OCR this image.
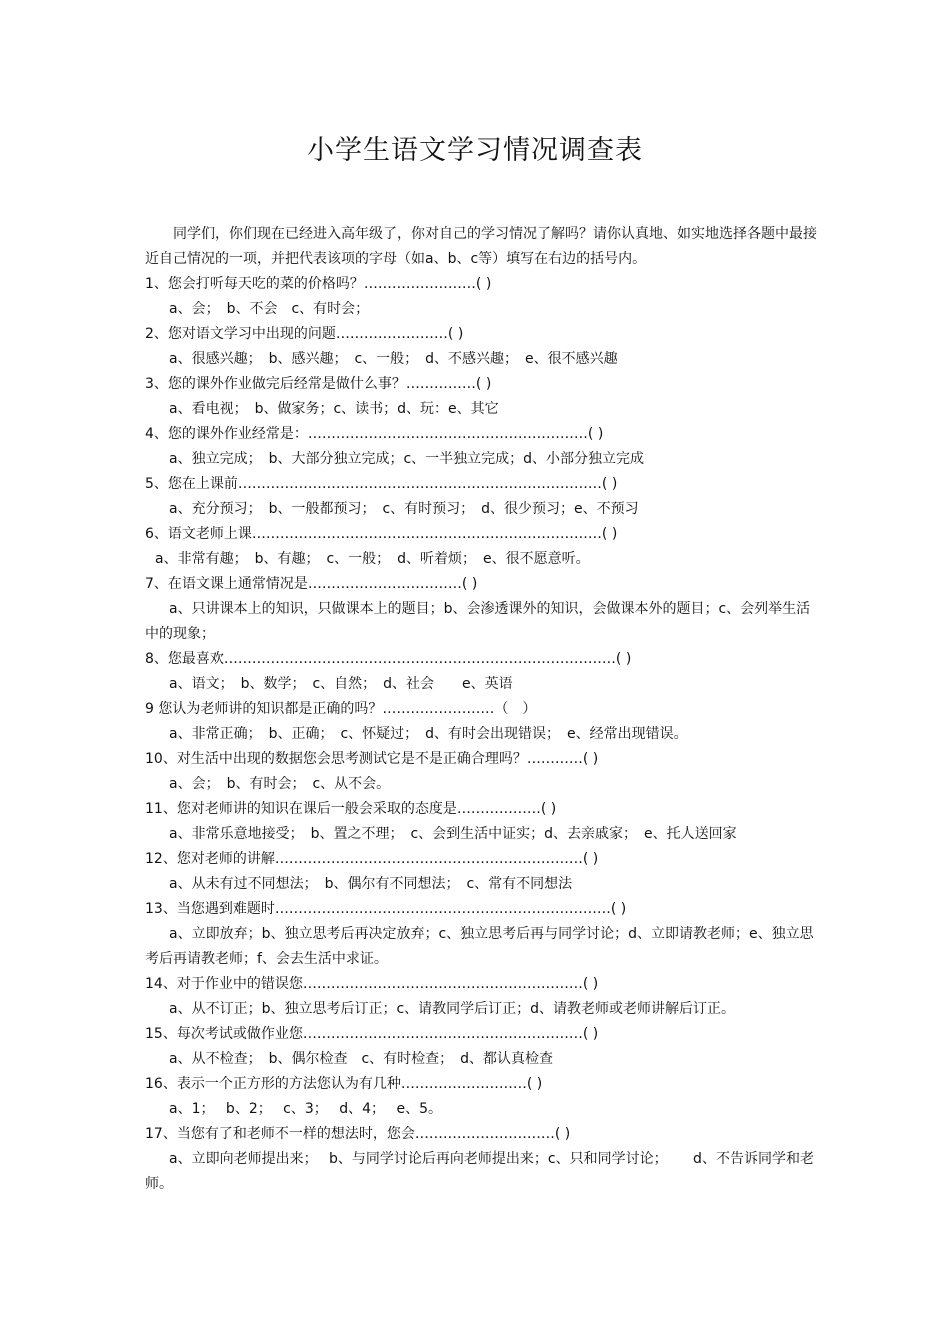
小学生语文学习情况调查表

同学们，你们现在已经进入高年级了，你对自己的学习情况了解吗？请你认真地、如实地选择各题中最接近自己情况的一项，并把代表该项的字母（如a、b、c等）填写在右边的括号内。

1、您会打听每天吃的菜的价格吗？……………………( )

a、会；　b、不会　c、有时会；

2、您对语文学习中出现的问题……………………( )

a、很感兴趣；　b、感兴趣；　c、一般；　d、不感兴趣；　e、很不感兴趣

3、您的课外作业做完后经常是做什么事？……………( )

a、看电视；　b、做家务；c、读书；d、玩：e、其它

4、您的课外作业经常是：……………………………………………………( )

a、独立完成；　b、大部分独立完成；c、一半独立完成；d、小部分独立完成

5、您在上课前……………………………………………………………………( )

a、充分预习；　b、一般都预习；　c、有时预习；　d、很少预习；e、不预习

6、语文老师上课…………………………………………………………………( )

a、非常有趣；　b、有趣；　c、一般；　d、听着烦；　e、很不愿意听。

7、在语文课上通常情况是……………………………( )

a、只讲课本上的知识，只做课本上的题目；b、会渗透课外的知识，会做课本外的题目；c、会列举生活中的现象；

8、您最喜欢…………………………………………………………………………( )

a、语文；　b、数学；　c、自然；　d、社会　　e、英语

9 您认为老师讲的知识都是正确的吗？……………………（　）

a、非常正确；　b、正确；　c、怀疑过；　d、有时会出现错误；　e、经常出现错误。

10、对生活中出现的数据您会思考测试它是不是正确合理吗？…………( )

a、会；　b、有时会；　c、从不会。

11、您对老师讲的知识在课后一般会采取的态度是………………( )

a、非常乐意地接受；　b、置之不理；　c、会到生活中证实；d、去亲戚家；　e、托人送回家

12、您对老师的讲解…………………………………………………………( )

a、从未有过不同想法；　b、偶尔有不同想法；　c、常有不同想法

13、当您遇到难题时………………………………………………………………( )

a、立即放弃；b、独立思考后再决定放弃；c、独立思考后再与同学讨论；d、立即请教老师；e、独立思考后再请教老师；f、会去生活中求证。

14、对于作业中的错误您……………………………………………………( )

a、从不订正；b、独立思考后订正；c、请教同学后订正；d、请教老师或老师讲解后订正。

15、每次考试或做作业您……………………………………………………( )

a、从不检查；　b、偶尔检查　c、有时检查；　d、都认真检查

16、表示一个正方形的方法您认为有几种………………………( )

a、1；　 b、2；　 c、3；　 d、4；　 e、5。

17、当您有了和老师不一样的想法时，您会…………………………( )

a、立即向老师提出来；　 b、与同学讨论后再向老师提出来；c、只和同学讨论；　　 d、不告诉同学和老师。
